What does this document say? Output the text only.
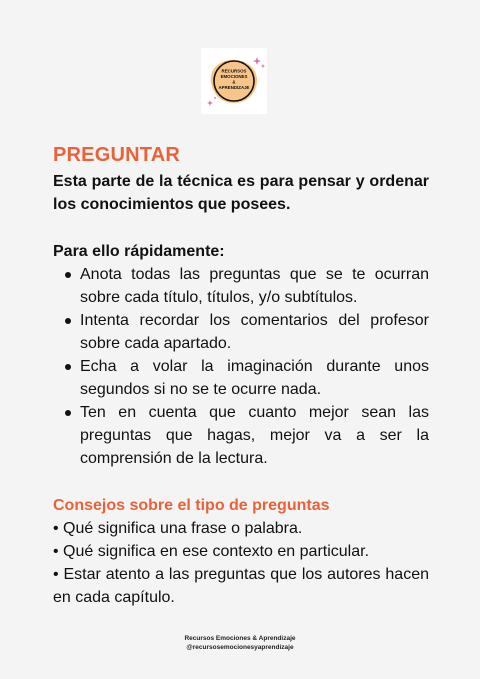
RECURSOS
EMOCIONES
&
APRENDIZAJE
PREGUNTAR

Esta parte de la técnica es para pensar y ordenar los conocimientos que posees.

Para ello rápidamente:

Anota todas las preguntas que se te ocurran sobre cada título, títulos, y/o subtítulos.
Intenta recordar los comentarios del profesor sobre cada apartado.
Echa a volar la imaginación durante unos segundos si no se te ocurre nada.
Ten en cuenta que cuanto mejor sean las preguntas que hagas, mejor va a ser la comprensión de la lectura.

Consejos sobre el tipo de preguntas

• Qué significa una frase o palabra.

• Qué significa en ese contexto en particular.

• Estar atento a las preguntas que los autores hacen en cada capítulo.

Recursos Emociones & Aprendizaje
@recursosemocionesyaprendizaje
